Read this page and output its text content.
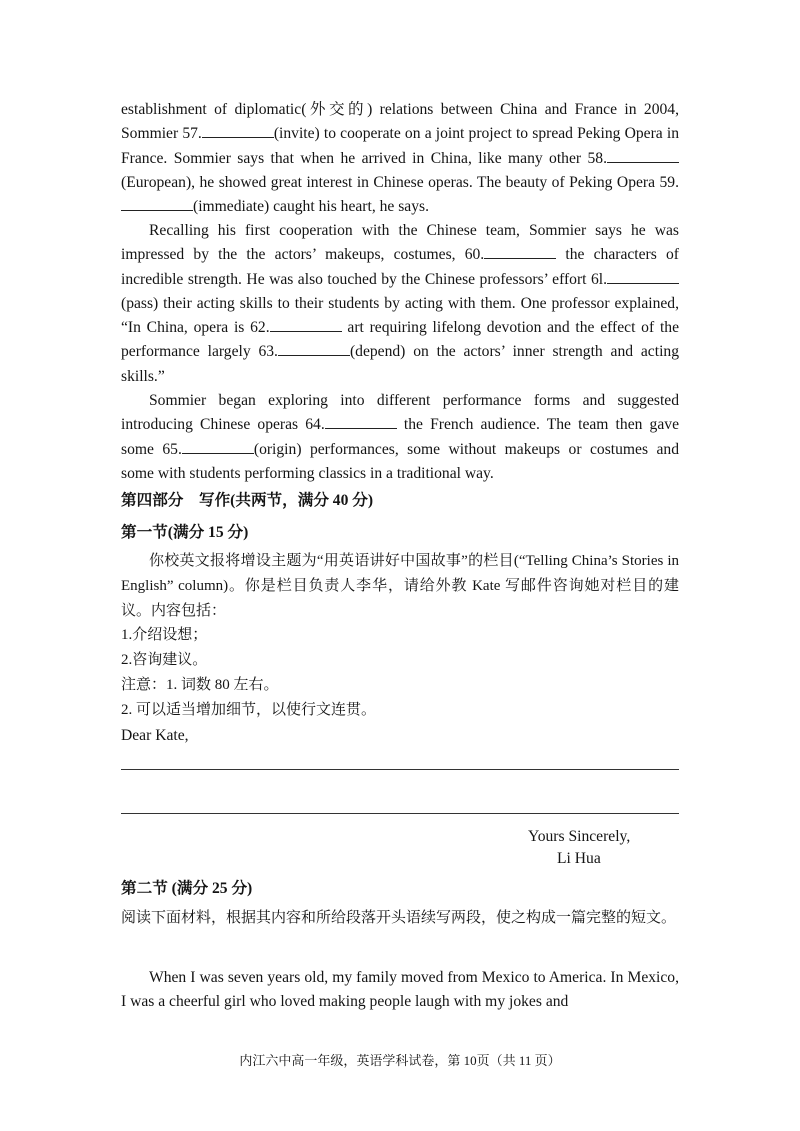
establishment of diplomatic(外交的) relations between China and France in 2004, Sommier 57.	(invite) to cooperate on a joint project to spread Peking Opera in France. Sommier says that when he arrived in China, like many other 58.(European), he showed great interest in Chinese operas. The beauty of Peking Opera 59.(immediate) caught his heart, he says.

Recalling his first cooperation with the Chinese team, Sommier says he was impressed by the the actors’ makeups, costumes, 60.	the characters of incredible strength. He was also touched by the Chinese professors’ effort 6l.(pass) their acting skills to their students by acting with them. One professor explained, “In China, opera is 62.	art requiring lifelong devotion and the effect of the performance largely 63.	(depend) on the actors’ inner strength and acting skills.”

Sommier began exploring into different performance forms and suggested introducing Chinese operas 64.	the French audience. The team then gave some 65.	(origin) performances, some without makeups or costumes and some with students performing classics in a traditional way.

第四部分　写作(共两节，满分 40 分)
第一节(满分 15 分)
你校英文报将增设主题为“用英语讲好中国故事”的栏目(“Telling China’s Stories in English” column)。你是栏目负责人李华，请给外教 Kate 写邮件咨询她对栏目的建议。内容包括：
1.介绍设想；
2.咨询建议。
注意：1. 词数 80 左右。
2. 可以适当增加细节，以使行文连贯。
Dear Kate,
Yours Sincerely,
Li Hua
第二节 (满分 25 分)
阅读下面材料，根据其内容和所给段落开头语续写两段，使之构成一篇完整的短文。

When I was seven years old, my family moved from Mexico to America. In Mexico, I was a cheerful girl who loved making people laugh with my jokes and

内江六中高一年级，英语学科试卷，第 10页（共 11 页）
